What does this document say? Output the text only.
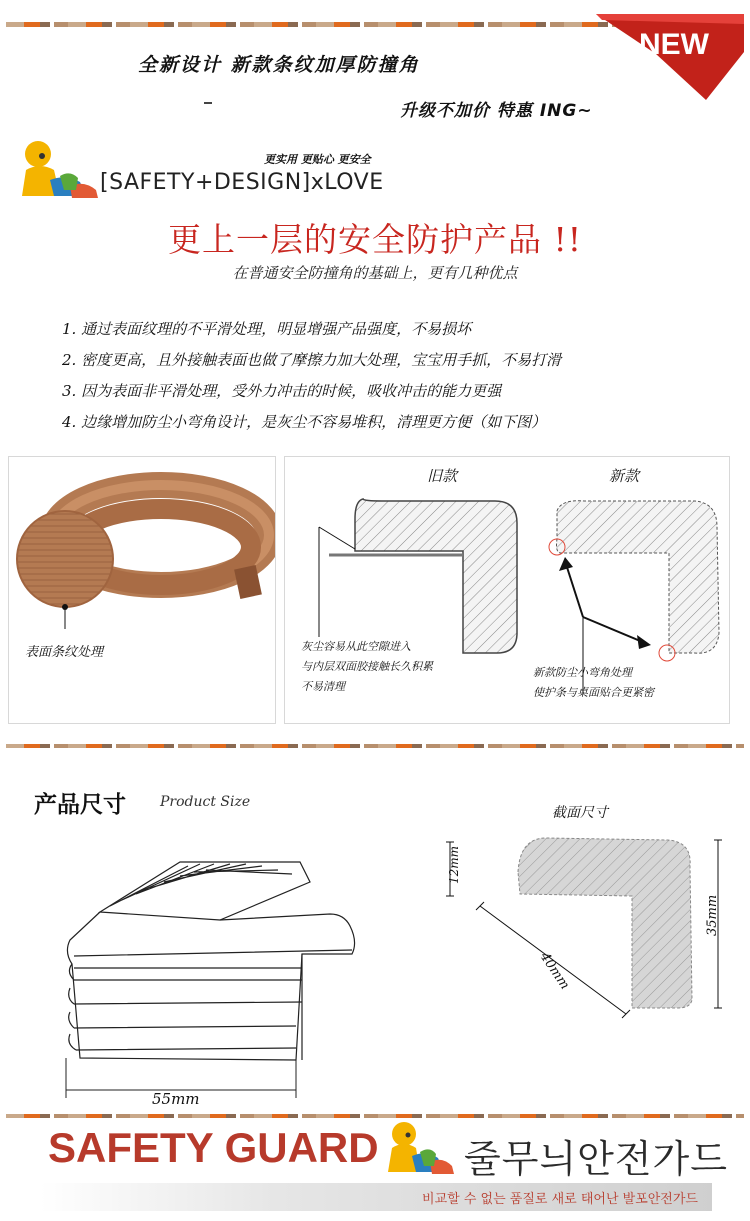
NEW
全新设计 新款条纹加厚防撞角
升级不加价 特惠 ING~
更实用 更贴心 更安全
[SAFETY+DESIGN]xLOVE
更上一层的安全防护产品 !!
在普通安全防撞角的基础上，更有几种优点
1. 通过表面纹理的不平滑处理，明显增强产品强度，不易损坏
2. 密度更高，且外接触表面也做了摩擦力加大处理，宝宝用手抓，不易打滑
3. 因为表面非平滑处理，受外力冲击的时候，吸收冲击的能力更强
4. 边缘增加防尘小弯角设计，是灰尘不容易堆积，清理更方便（如下图）
表面条纹处理
旧款	新款
灰尘容易从此空隙进入
与内层双面胶接触长久积累
不易清理
新款防尘小弯角处理
使护条与桌面贴合更紧密
产品尺寸 Product Size
55mm
截面尺寸
12mm
40mm
35mm
SAFETY GUARD 줄무늬안전가드
비교할 수 없는 품질로 새로 태어난 발포안전가드
